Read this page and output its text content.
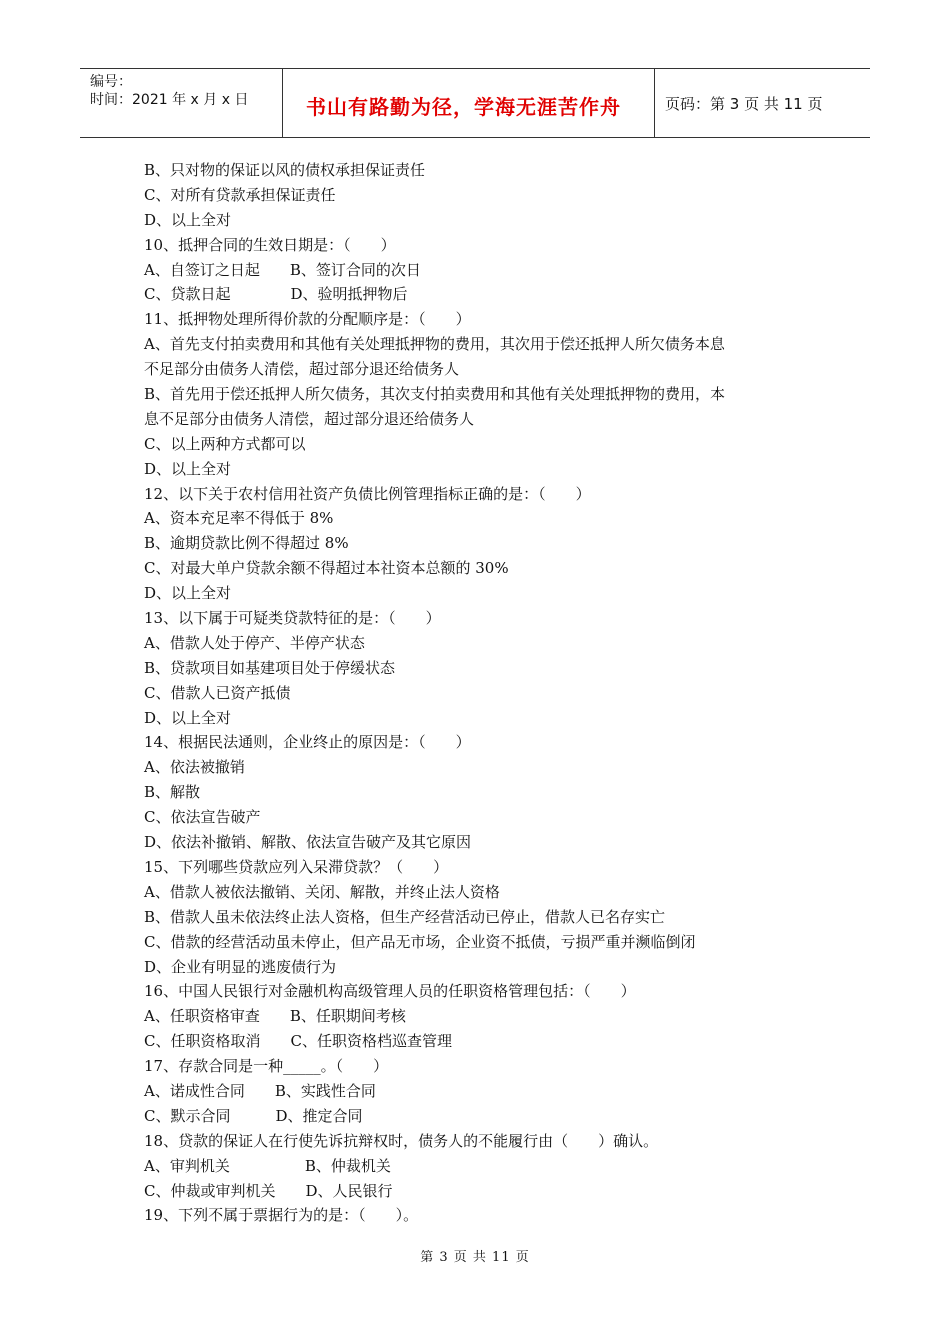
编号：
时间：2021 年 x 月 x 日	书山有路勤为径，学海无涯苦作舟	页码：第 3 页 共 11 页
B、只对物的保证以风的债权承担保证责任
C、对所有贷款承担保证责任
D、以上全对
10、抵押合同的生效日期是：（　　）
A、自签订之日起　　B、签订合同的次日
C、贷款日起　　　　D、验明抵押物后
11、抵押物处理所得价款的分配顺序是：（　　）
A、首先支付拍卖费用和其他有关处理抵押物的费用，其次用于偿还抵押人所欠债务本息
不足部分由债务人清偿，超过部分退还给债务人
B、首先用于偿还抵押人所欠债务，其次支付拍卖费用和其他有关处理抵押物的费用，本
息不足部分由债务人清偿，超过部分退还给债务人
C、以上两种方式都可以
D、以上全对
12、以下关于农村信用社资产负债比例管理指标正确的是：（　　）
A、资本充足率不得低于 8%
B、逾期贷款比例不得超过 8%
C、对最大单户贷款余额不得超过本社资本总额的 30%
D、以上全对
13、以下属于可疑类贷款特征的是：（　　）
A、借款人处于停产、半停产状态
B、贷款项目如基建项目处于停缓状态
C、借款人已资产抵债
D、以上全对
14、根据民法通则，企业终止的原因是：（　　）
A、依法被撤销
B、解散
C、依法宣告破产
D、依法补撤销、解散、依法宣告破产及其它原因
15、下列哪些贷款应列入呆滞贷款？（　　）
A、借款人被依法撤销、关闭、解散，并终止法人资格
B、借款人虽未依法终止法人资格，但生产经营活动已停止，借款人已名存实亡
C、借款的经营活动虽未停止，但产品无市场，企业资不抵债，亏损严重并濒临倒闭
D、企业有明显的逃废债行为
16、中国人民银行对金融机构高级管理人员的任职资格管理包括：（　　）
A、任职资格审查　　B、任职期间考核
C、任职资格取消　　C、任职资格档巡查管理
17、存款合同是一种_____。（　　）
A、诺成性合同　　B、实践性合同
C、默示合同　　　D、推定合同
18、贷款的保证人在行使先诉抗辩权时，债务人的不能履行由（　　）确认。
A、审判机关　　　　　B、仲裁机关
C、仲裁或审判机关　　D、人民银行
19、下列不属于票据行为的是：（　　）。
第 3 页 共 11 页
